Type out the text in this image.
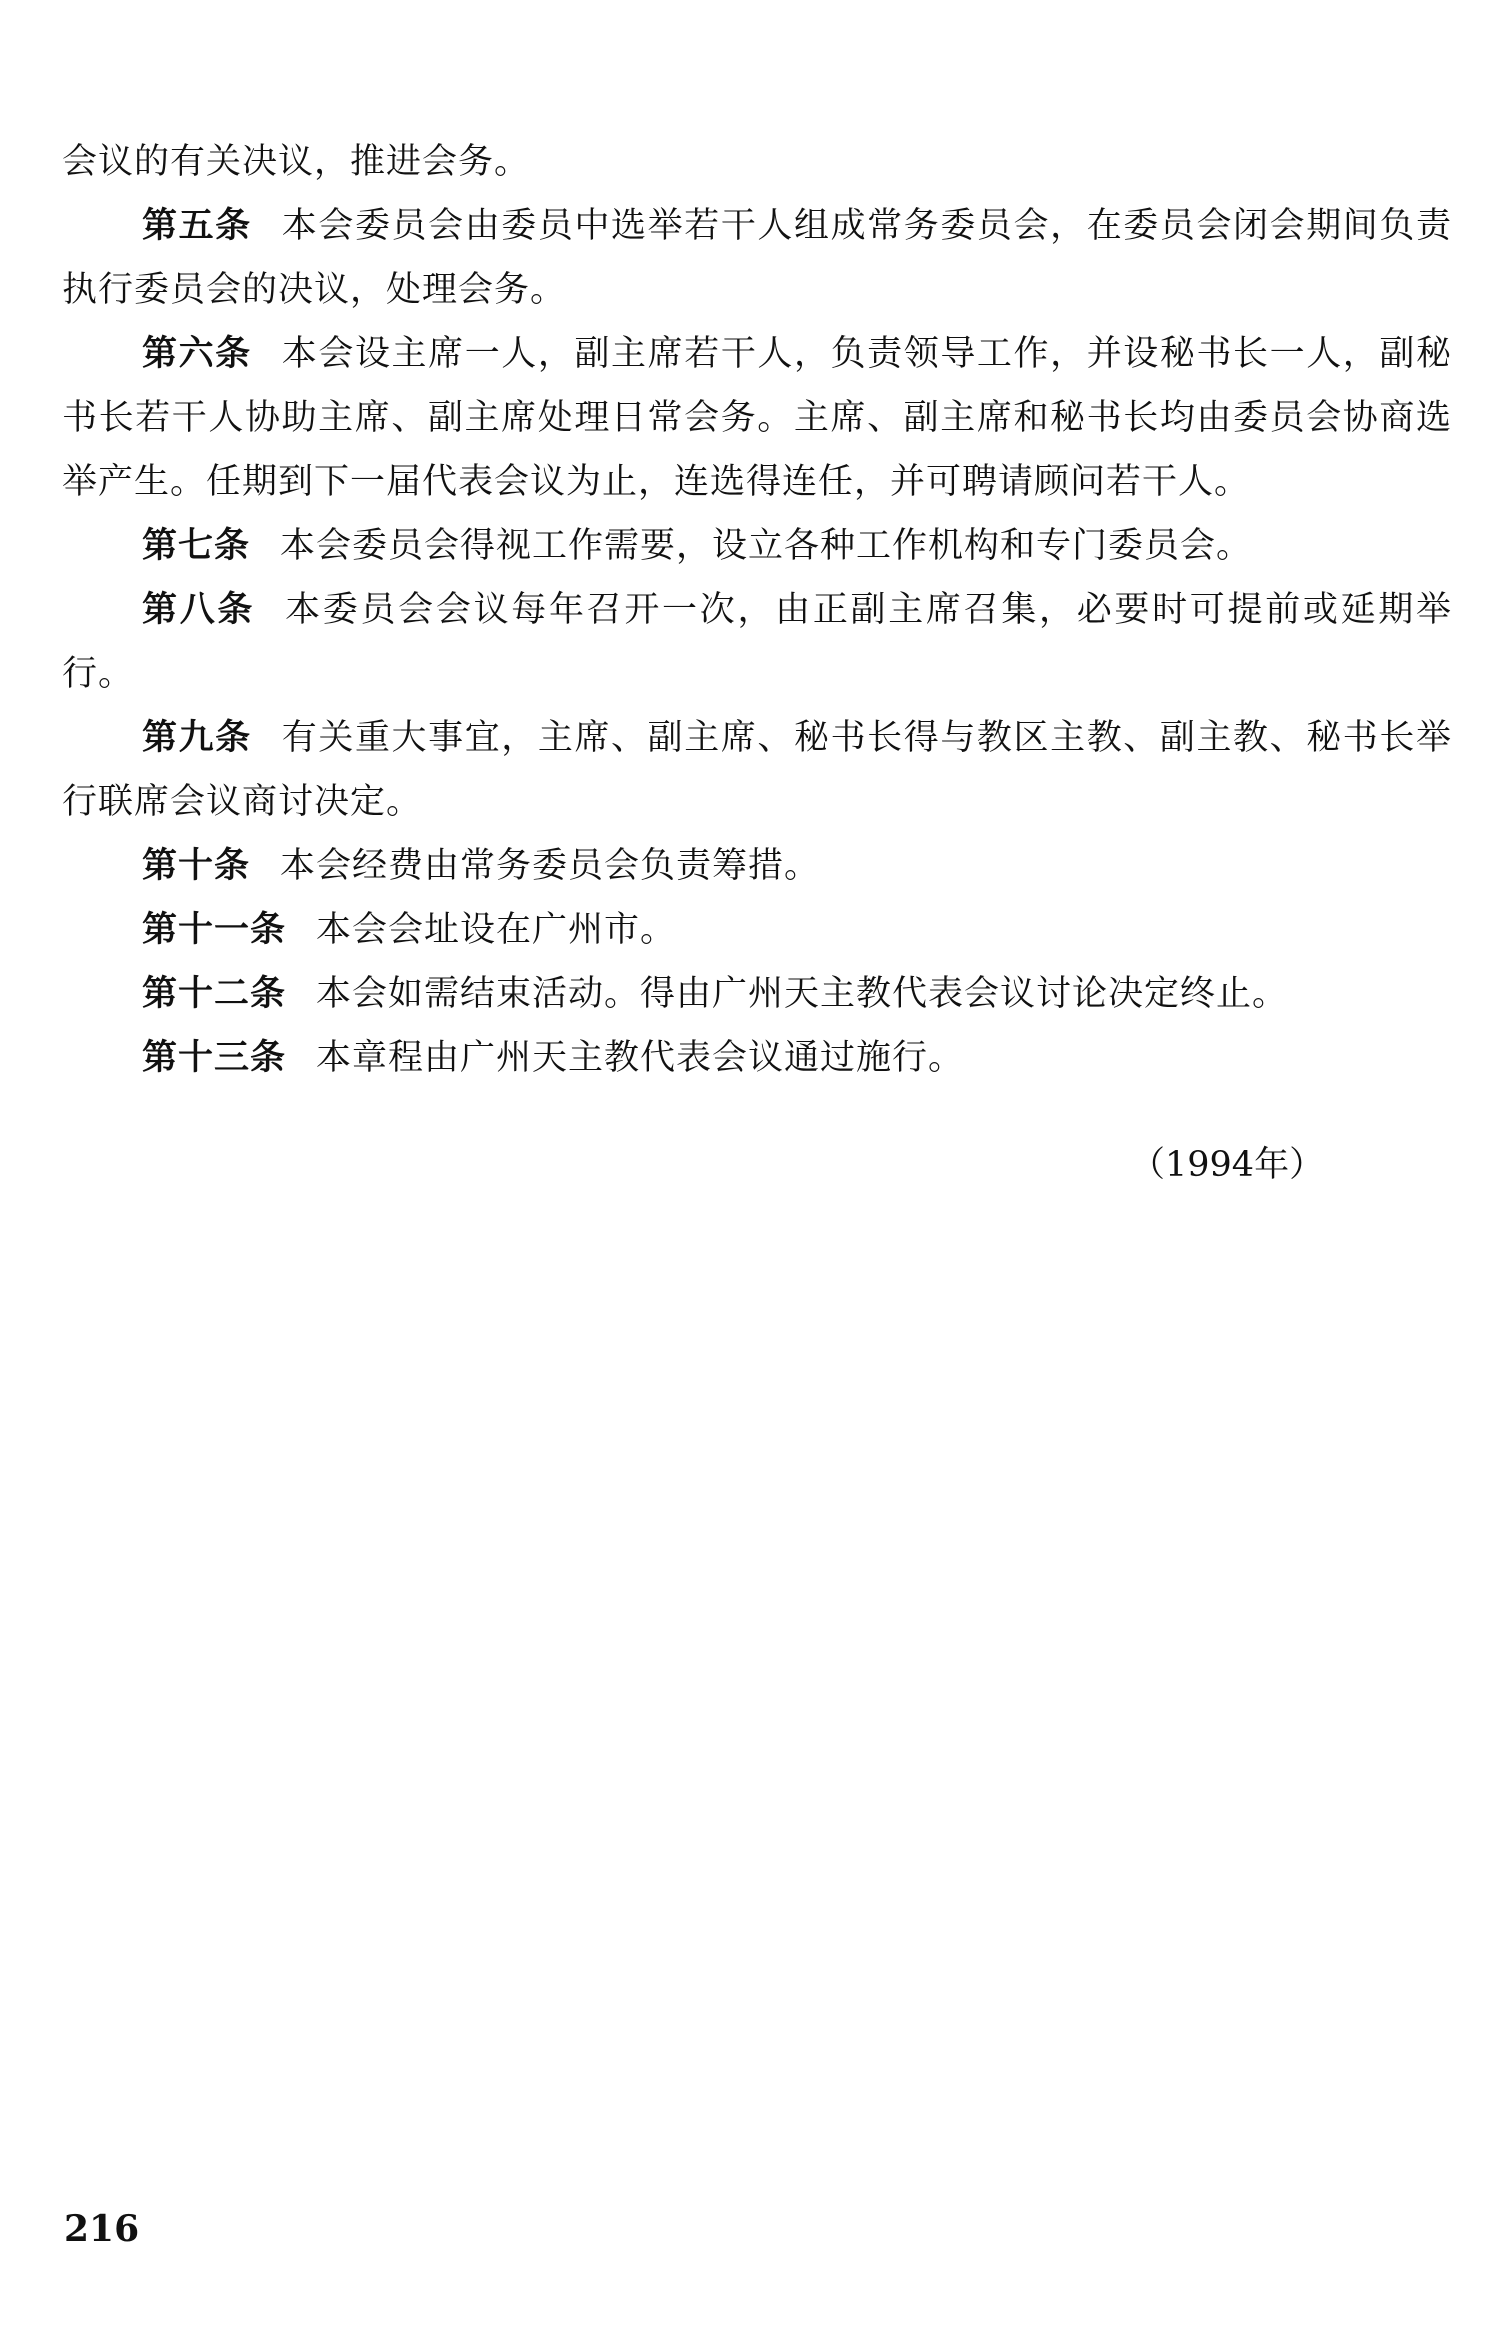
会议的有关决议，推进会务。

第五条 本会委员会由委员中选举若干人组成常务委员会，在委员会闭会期间负责执行委员会的决议，处理会务。

第六条 本会设主席一人，副主席若干人，负责领导工作，并设秘书长一人，副秘书长若干人协助主席、副主席处理日常会务。主席、副主席和秘书长均由委员会协商选举产生。任期到下一届代表会议为止，连选得连任，并可聘请顾问若干人。

第七条 本会委员会得视工作需要，设立各种工作机构和专门委员会。

第八条 本委员会会议每年召开一次，由正副主席召集，必要时可提前或延期举行。

第九条 有关重大事宜，主席、副主席、秘书长得与教区主教、副主教、秘书长举行联席会议商讨决定。

第十条 本会经费由常务委员会负责筹措。

第十一条 本会会址设在广州市。

第十二条 本会如需结束活动。得由广州天主教代表会议讨论决定终止。

第十三条 本章程由广州天主教代表会议通过施行。

（1994年）
216
